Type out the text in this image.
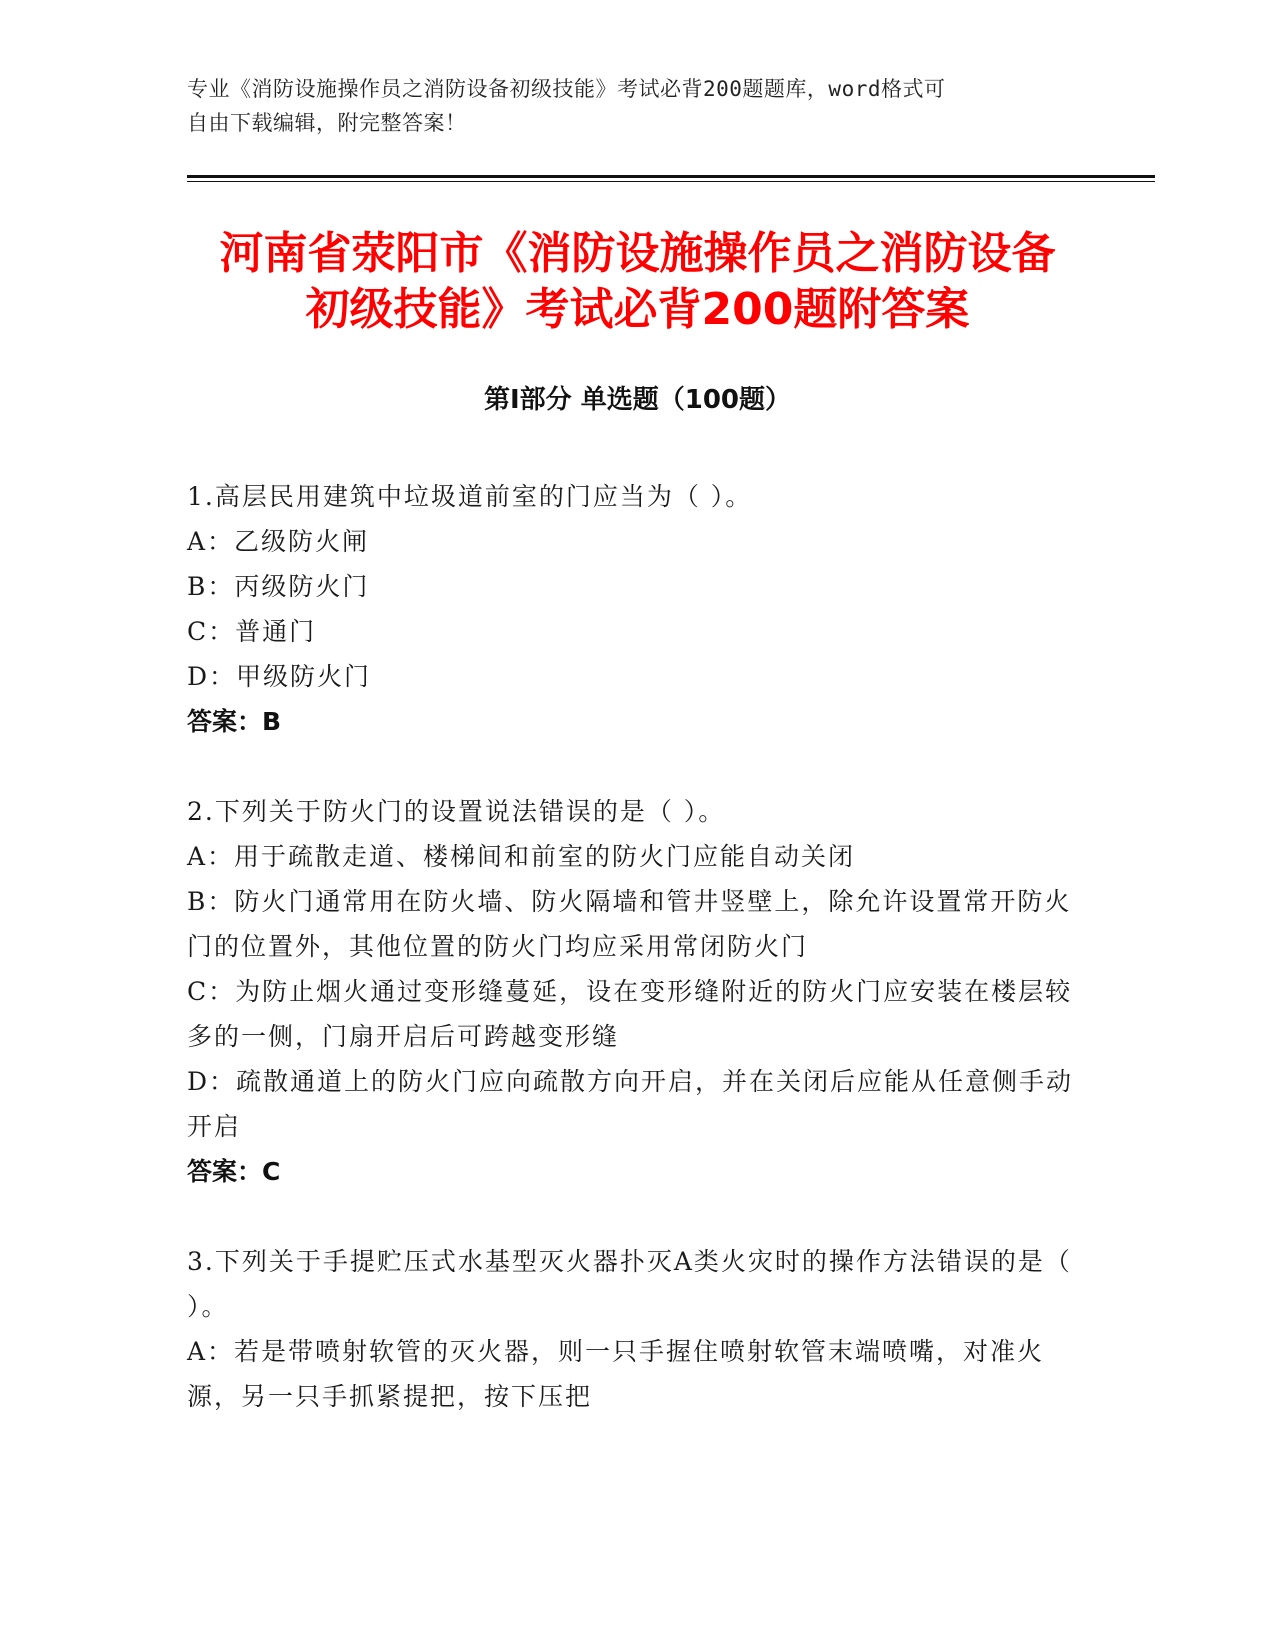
专业《消防设施操作员之消防设备初级技能》考试必背200题题库，word格式可
自由下载编辑，附完整答案！
河南省荥阳市《消防设施操作员之消防设备
初级技能》考试必背200题附答案
第Ⅰ部分 单选题（100题）
1.高层民用建筑中垃圾道前室的门应当为（ ）。
A：乙级防火闸
B：丙级防火门
C：普通门
D：甲级防火门
答案：B
2.下列关于防火门的设置说法错误的是（ ）。
A：用于疏散走道、楼梯间和前室的防火门应能自动关闭
B：防火门通常用在防火墙、防火隔墙和管井竖壁上，除允许设置常开防火门的位置外，其他位置的防火门均应采用常闭防火门
C：为防止烟火通过变形缝蔓延，设在变形缝附近的防火门应安装在楼层较多的一侧，门扇开启后可跨越变形缝
D：疏散通道上的防火门应向疏散方向开启，并在关闭后应能从任意侧手动开启
答案：C
3.下列关于手提贮压式水基型灭火器扑灭A类火灾时的操作方法错误的是（ ）。
A：若是带喷射软管的灭火器，则一只手握住喷射软管末端喷嘴，对准火源，另一只手抓紧提把，按下压把
